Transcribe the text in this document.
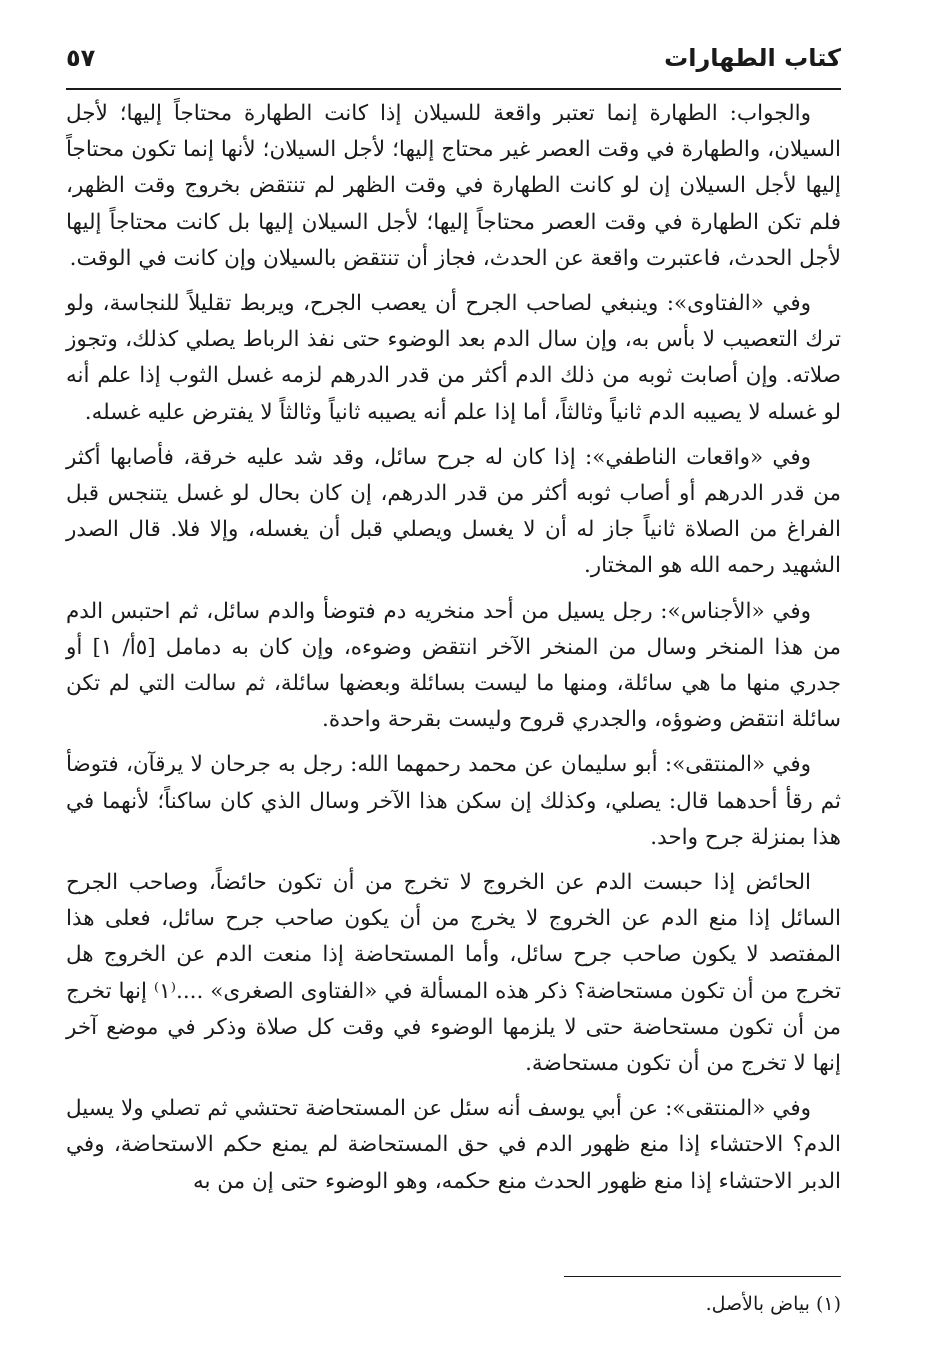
كتاب الطهارات
٥٧

والجواب: الطهارة إنما تعتبر واقعة للسيلان إذا كانت الطهارة محتاجاً إليها؛ لأجل السيلان، والطهارة في وقت العصر غير محتاج إليها؛ لأجل السيلان؛ لأنها إنما تكون محتاجاً إليها لأجل السيلان إن لو كانت الطهارة في وقت الظهر لم تنتقض بخروج وقت الظهر، فلم تكن الطهارة في وقت العصر محتاجاً إليها؛ لأجل السيلان إليها بل كانت محتاجاً إليها لأجل الحدث، فاعتبرت واقعة عن الحدث، فجاز أن تنتقض بالسيلان وإن كانت في الوقت.

وفي «الفتاوى»: وينبغي لصاحب الجرح أن يعصب الجرح، ويربط تقليلاً للنجاسة، ولو ترك التعصيب لا بأس به، وإن سال الدم بعد الوضوء حتى نفذ الرباط يصلي كذلك، وتجوز صلاته. وإن أصابت ثوبه من ذلك الدم أكثر من قدر الدرهم لزمه غسل الثوب إذا علم أنه لو غسله لا يصيبه الدم ثانياً وثالثاً، أما إذا علم أنه يصيبه ثانياً وثالثاً لا يفترض عليه غسله.

وفي «واقعات الناطفي»: إذا كان له جرح سائل، وقد شد عليه خرقة، فأصابها أكثر من قدر الدرهم أو أصاب ثوبه أكثر من قدر الدرهم، إن كان بحال لو غسل يتنجس قبل الفراغ من الصلاة ثانياً جاز له أن لا يغسل ويصلي قبل أن يغسله، وإلا فلا. قال الصدر الشهيد رحمه الله هو المختار.

وفي «الأجناس»: رجل يسيل من أحد منخريه دم فتوضأ والدم سائل، ثم احتبس الدم من هذا المنخر وسال من المنخر الآخر انتقض وضوءه، وإن كان به دمامل [٥أ/ ١] أو جدري منها ما هي سائلة، ومنها ما ليست بسائلة وبعضها سائلة، ثم سالت التي لم تكن سائلة انتقض وضوؤه، والجدري قروح وليست بقرحة واحدة.

وفي «المنتقى»: أبو سليمان عن محمد رحمهما الله: رجل به جرحان لا يرقآن، فتوضأ ثم رقأ أحدهما قال: يصلي، وكذلك إن سكن هذا الآخر وسال الذي كان ساكناً؛ لأنهما في هذا بمنزلة جرح واحد.

الحائض إذا حبست الدم عن الخروج لا تخرج من أن تكون حائضاً، وصاحب الجرح السائل إذا منع الدم عن الخروج لا يخرج من أن يكون صاحب جرح سائل، فعلى هذا المفتصد لا يكون صاحب جرح سائل، وأما المستحاضة إذا منعت الدم عن الخروج هل تخرج من أن تكون مستحاضة؟ ذكر هذه المسألة في «الفتاوى الصغرى» ....⁽١⁾ إنها تخرج من أن تكون مستحاضة حتى لا يلزمها الوضوء في وقت كل صلاة وذكر في موضع آخر إنها لا تخرج من أن تكون مستحاضة.

وفي «المنتقى»: عن أبي يوسف أنه سئل عن المستحاضة تحتشي ثم تصلي ولا يسيل الدم؟ الاحتشاء إذا منع ظهور الدم في حق المستحاضة لم يمنع حكم الاستحاضة، وفي الدبر الاحتشاء إذا منع ظهور الحدث منع حكمه، وهو الوضوء حتى إن من به

(١) بياض بالأصل.
